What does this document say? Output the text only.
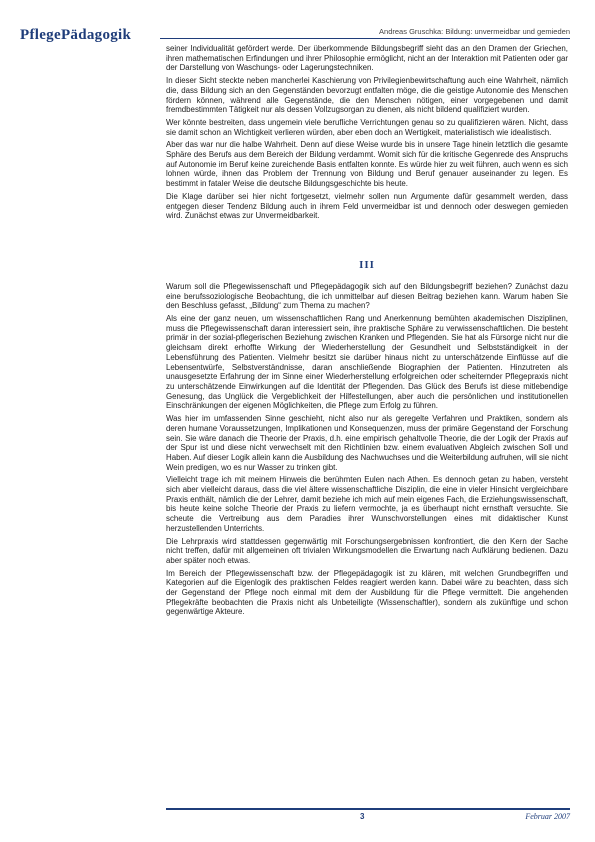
PflegePädagogik	Andreas Gruschka: Bildung: unvermeidbar und gemieden

seiner Individualität gefördert werde. Der überkommende Bildungsbegriff sieht das an den Dramen der Griechen, ihren mathematischen Erfindungen und ihrer Philosophie ermöglicht, nicht an der Interaktion mit Patienten oder gar der Darstellung von Waschungs- oder Lagerungstechniken.

In dieser Sicht steckte neben mancherlei Kaschierung von Privilegienbewirtschaftung auch eine Wahrheit, nämlich die, dass Bildung sich an den Gegenständen bevorzugt entfalten möge, die die geistige Autonomie des Menschen fördern können, während alle Gegenstände, die den Menschen nötigen, einer vorgegebenen und damit fremdbestimmten Tätigkeit nur als dessen Vollzugsorgan zu dienen, als nicht bildend qualifiziert wurden.

Wer könnte bestreiten, dass ungemein viele berufliche Verrichtungen genau so zu qualifizieren wären. Nicht, dass sie damit schon an Wichtigkeit verlieren würden, aber eben doch an Wertigkeit, materialistisch wie idealistisch.

Aber das war nur die halbe Wahrheit. Denn auf diese Weise wurde bis in unsere Tage hinein letztlich die gesamte Sphäre des Berufs aus dem Bereich der Bildung verdammt. Womit sich für die kritische Gegenrede des Anspruchs auf Autonomie im Beruf keine zureichende Basis entfalten konnte. Es würde hier zu weit führen, auch wenn es sich lohnen würde, ihnen das Problem der Trennung von Bildung und Beruf genauer auseinander zu legen. Es bestimmt in fataler Weise die deutsche Bildungsgeschichte bis heute.

Die Klage darüber sei hier nicht fortgesetzt, vielmehr sollen nun Argumente dafür gesammelt werden, dass entgegen dieser Tendenz Bildung auch in ihrem Feld unvermeidbar ist und dennoch oder deswegen gemieden wird. Zunächst etwas zur Unvermeidbarkeit.

III

Warum soll die Pflegewissenschaft und Pflegepädagogik sich auf den Bildungsbegriff beziehen? Zunächst dazu eine berufssoziologische Beobachtung, die ich unmittelbar auf diesen Beitrag beziehen kann. Warum haben Sie den Beschluss gefasst, „Bildung“ zum Thema zu machen?

Als eine der ganz neuen, um wissenschaftlichen Rang und Anerkennung bemühten akademischen Disziplinen, muss die Pflegewissenschaft daran interessiert sein, ihre praktische Sphäre zu verwissenschaftlichen. Die besteht primär in der sozial-pflegerischen Beziehung zwischen Kranken und Pflegenden. Sie hat als Fürsorge nicht nur die gleichsam direkt erhoffte Wirkung der Wiederherstellung der Gesundheit und Selbstständigkeit in der Lebensführung des Patienten. Vielmehr besitzt sie darüber hinaus nicht zu unterschätzende Einflüsse auf die Lebensentwürfe, Selbstverständnisse, daran anschließende Biographien der Patienten. Hinzutreten als unausgesetzte Erfahrung der im Sinne einer Wiederherstellung erfolgreichen oder scheiternder Pflegepraxis nicht zu unterschätzende Einwirkungen auf die Identität der Pflegenden. Das Glück des Berufs ist diese mitlebendige Genesung, das Unglück die Vergeblichkeit der Hilfestellungen, aber auch die persönlichen und institutionellen Einschränkungen der eigenen Möglichkeiten, die Pflege zum Erfolg zu führen.

Was hier im umfassenden Sinne geschieht, nicht also nur als geregelte Verfahren und Praktiken, sondern als deren humane Voraussetzungen, Implikationen und Konsequenzen, muss der primäre Gegenstand der Forschung sein. Sie wäre danach die Theorie der Praxis, d.h. eine empirisch gehaltvolle Theorie, die der Logik der Praxis auf der Spur ist und diese nicht verwechselt mit den Richtlinien bzw. einem evaluativen Abgleich zwischen Soll und Haben. Auf dieser Logik allein kann die Ausbildung des Nachwuchses und die Weiterbildung aufruhen, will sie nicht Wein predigen, wo es nur Wasser zu trinken gibt.

Vielleicht trage ich mit meinem Hinweis die berühmten Eulen nach Athen. Es dennoch getan zu haben, versteht sich aber vielleicht daraus, dass die viel ältere wissenschaftliche Disziplin, die eine in vieler Hinsicht vergleichbare Praxis enthält, nämlich die der Lehrer, damit beziehe ich mich auf mein eigenes Fach, die Erziehungswissenschaft, bis heute keine solche Theorie der Praxis zu liefern vermochte, ja es überhaupt nicht ernsthaft versuchte. Sie scheute die Vertreibung aus dem Paradies ihrer Wunschvorstellungen eines mit didaktischer Kunst herzustellenden Unterrichts.

Die Lehrpraxis wird stattdessen gegenwärtig mit Forschungsergebnissen konfrontiert, die den Kern der Sache nicht treffen, dafür mit allgemeinen oft trivialen Wirkungsmodellen die Erwartung nach Aufklärung bedienen. Dazu aber später noch etwas.

Im Bereich der Pflegewissenschaft bzw. der Pflegepädagogik ist zu klären, mit welchen Grundbegriffen und Kategorien auf die Eigenlogik des praktischen Feldes reagiert werden kann. Dabei wäre zu beachten, dass sich der Gegenstand der Pflege noch einmal mit dem der Ausbildung für die Pflege vermittelt. Die angehenden Pflegekräfte beobachten die Praxis nicht als Unbeteiligte (Wissenschaftler), sondern als zukünftige und schon gegenwärtige Akteure.

3	Februar 2007
